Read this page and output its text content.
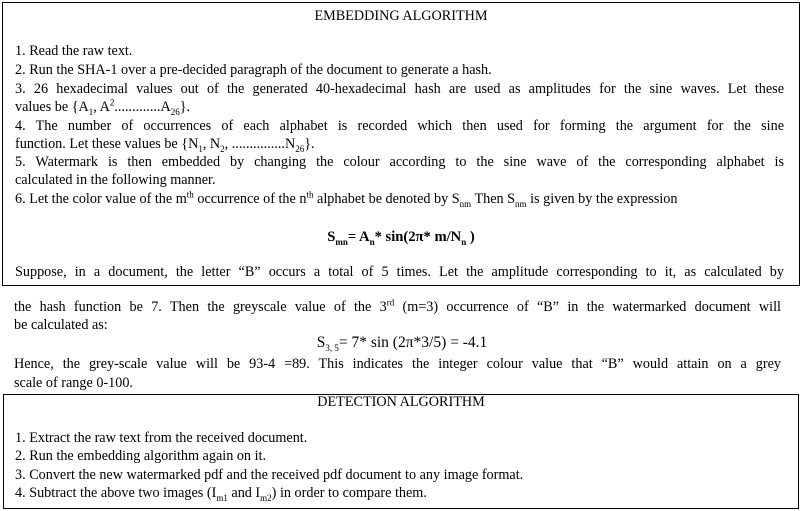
EMBEDDING ALGORITHM
1. Read the raw text.
2. Run the SHA-1 over a pre-decided paragraph of the document to generate a hash.
3. 26 hexadecimal values out of the generated 40-hexadecimal hash are used as amplitudes for the sine waves. Let these
values be {$A_1$, $A^2.............A_{26}$}.
4. The number of occurrences of each alphabet is recorded which then used for forming the argument for the sine
function. Let these values be {$N_1$, $N_2$, $...............N_{26}$}.
5. Watermark is then embedded by changing the colour according to the sine wave of the corresponding alphabet is
calculated in the following manner.
6. Let the color value of the $m^{th}$ occurrence of the $n^{th}$ alphabet be denoted by $S_{nm}$ Then $S_{nm}$ is given by the expression
$S_{mn}= A_n*$ sin(2π* $m/N_n$ )
Suppose, in a document, the letter “B” occurs a total of 5 times. Let the amplitude corresponding to it, as calculated by
the hash function be 7. Then the greyscale value of the 3rd (m=3) occurrence of “B” in the watermarked document will
be calculated as:
$S_{3, 5}= 7*$ sin (2π*3/5) = -4.1
Hence, the grey-scale value will be 93-4 =89. This indicates the integer colour value that “B” would attain on a grey
scale of range 0-100.
DETECTION ALGORITHM
1. Extract the raw text from the received document.
2. Run the embedding algorithm again on it.
3. Convert the new watermarked pdf and the received pdf document to any image format.
4. Subtract the above two images ($I_{m1}$ and $I_{m2}$) in order to compare them.
